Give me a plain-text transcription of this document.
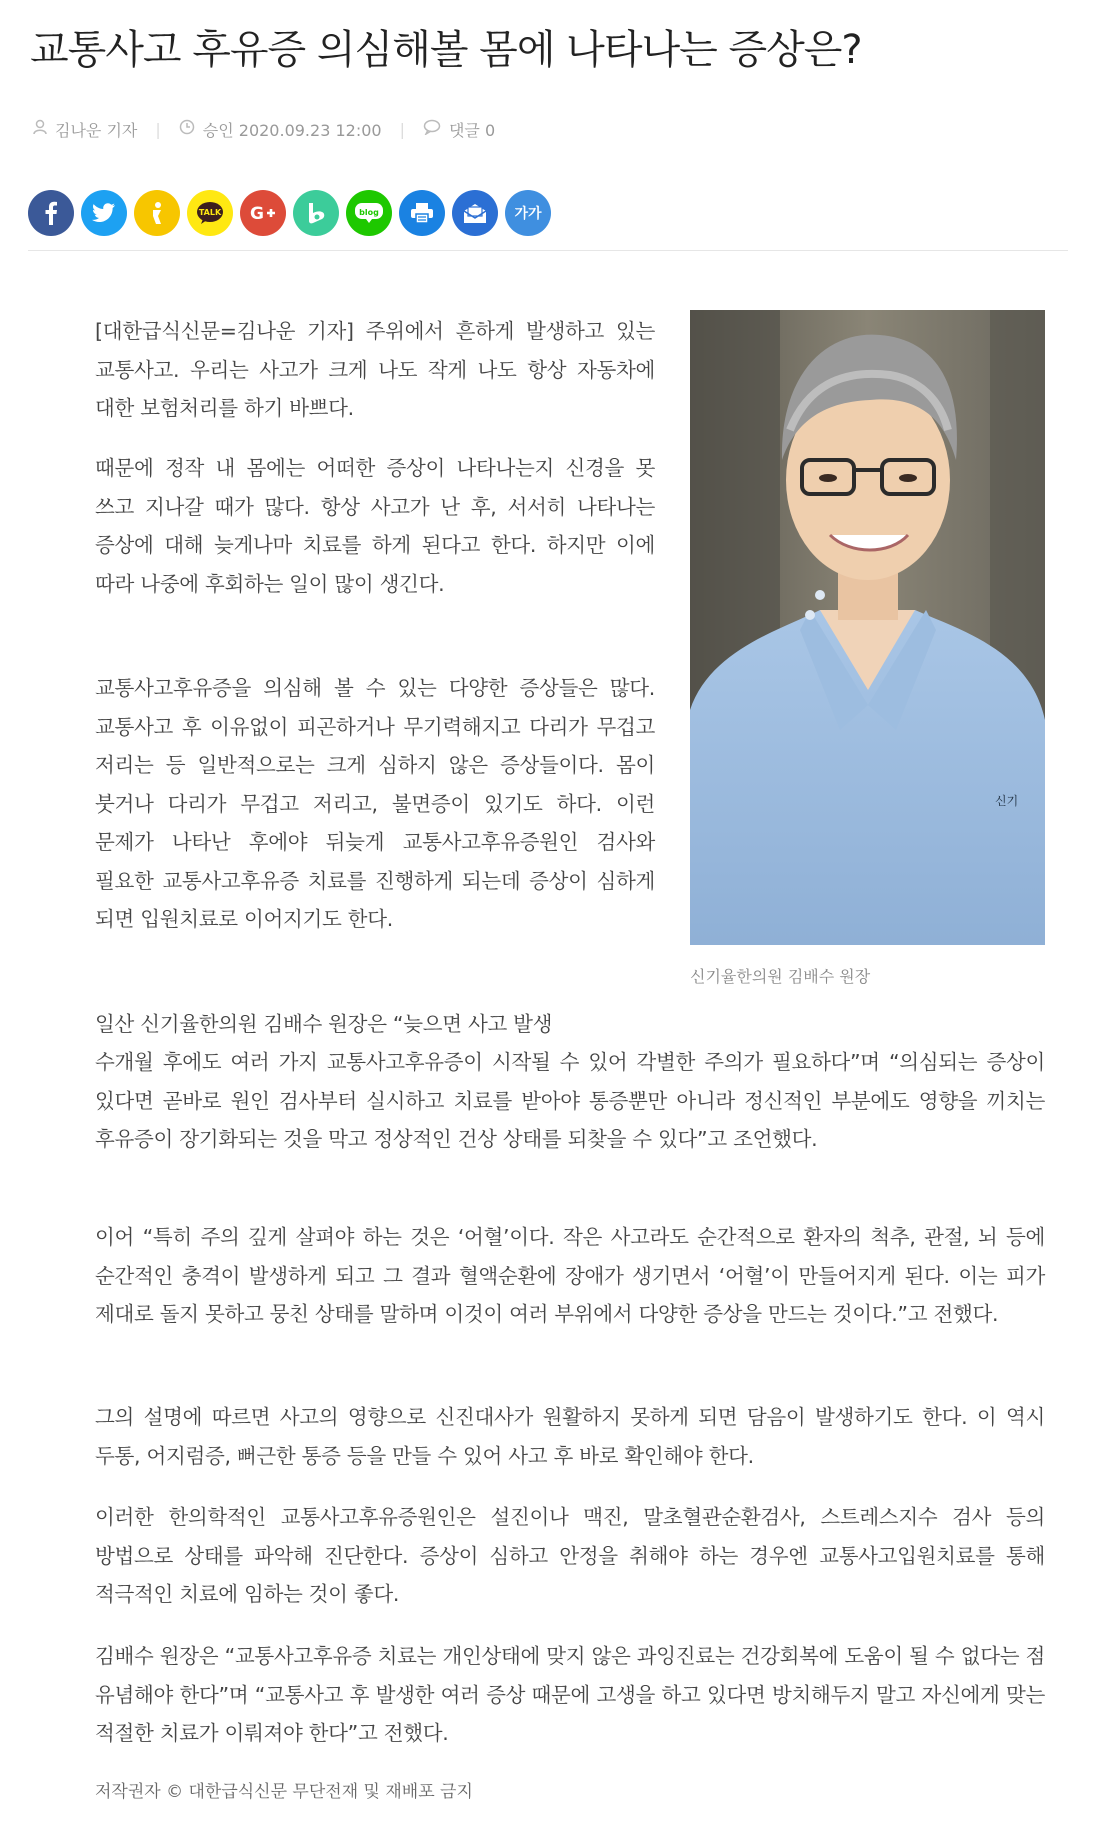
교통사고 후유증 의심해볼 몸에 나타나는 증상은?
김나운 기자 |	승인 2020.09.23 12:00 |	댓글 0
TALK G	blog	가가

[대한급식신문=김나운 기자] 주위에서 흔하게 발생하고 있는 교통사고. 우리는 사고가 크게 나도 작게 나도 항상 자동차에 대한 보험처리를 하기 바쁘다.

때문에 정작 내 몸에는 어떠한 증상이 나타나는지 신경을 못 쓰고 지나갈 때가 많다. 항상 사고가 난 후, 서서히 나타나는 증상에 대해 늦게나마 치료를 하게 된다고 한다. 하지만 이에 따라 나중에 후회하는 일이 많이 생긴다.

교통사고후유증을 의심해 볼 수 있는 다양한 증상들은 많다. 교통사고 후 이유없이 피곤하거나 무기력해지고 다리가 무겁고 저리는 등 일반적으로는 크게 심하지 않은 증상들이다. 몸이 붓거나 다리가 무겁고 저리고, 불면증이 있기도 하다. 이런 문제가 나타난 후에야 뒤늦게 교통사고후유증원인 검사와 필요한 교통사고후유증 치료를 진행하게 되는데 증상이 심하게 되면 입원치료로 이어지기도 한다.

신기
신기율한의원 김배수 원장

일산 신기율한의원 김배수 원장은 “늦으면 사고 발생

수개월 후에도 여러 가지 교통사고후유증이 시작될 수 있어 각별한 주의가 필요하다”며 “의심되는 증상이 있다면 곧바로 원인 검사부터 실시하고 치료를 받아야 통증뿐만 아니라 정신적인 부분에도 영향을 끼치는 후유증이 장기화되는 것을 막고 정상적인 건상 상태를 되찾을 수 있다”고 조언했다.

이어 “특히 주의 깊게 살펴야 하는 것은 ‘어혈’이다. 작은 사고라도 순간적으로 환자의 척추, 관절, 뇌 등에 순간적인 충격이 발생하게 되고 그 결과 혈액순환에 장애가 생기면서 ‘어혈’이 만들어지게 된다. 이는 피가 제대로 돌지 못하고 뭉친 상태를 말하며 이것이 여러 부위에서 다양한 증상을 만드는 것이다.”고 전했다.

그의 설명에 따르면 사고의 영향으로 신진대사가 원활하지 못하게 되면 담음이 발생하기도 한다. 이 역시 두통, 어지럼증, 뻐근한 통증 등을 만들 수 있어 사고 후 바로 확인해야 한다.

이러한 한의학적인 교통사고후유증원인은 설진이나 맥진, 말초혈관순환검사, 스트레스지수 검사 등의 방법으로 상태를 파악해 진단한다. 증상이 심하고 안정을 취해야 하는 경우엔 교통사고입원치료를 통해 적극적인 치료에 임하는 것이 좋다.

김배수 원장은 “교통사고후유증 치료는 개인상태에 맞지 않은 과잉진료는 건강회복에 도움이 될 수 없다는 점 유념해야 한다”며 “교통사고 후 발생한 여러 증상 때문에 고생을 하고 있다면 방치해두지 말고 자신에게 맞는 적절한 치료가 이뤄져야 한다”고 전했다.

저작권자 © 대한급식신문 무단전재 및 재배포 금지
